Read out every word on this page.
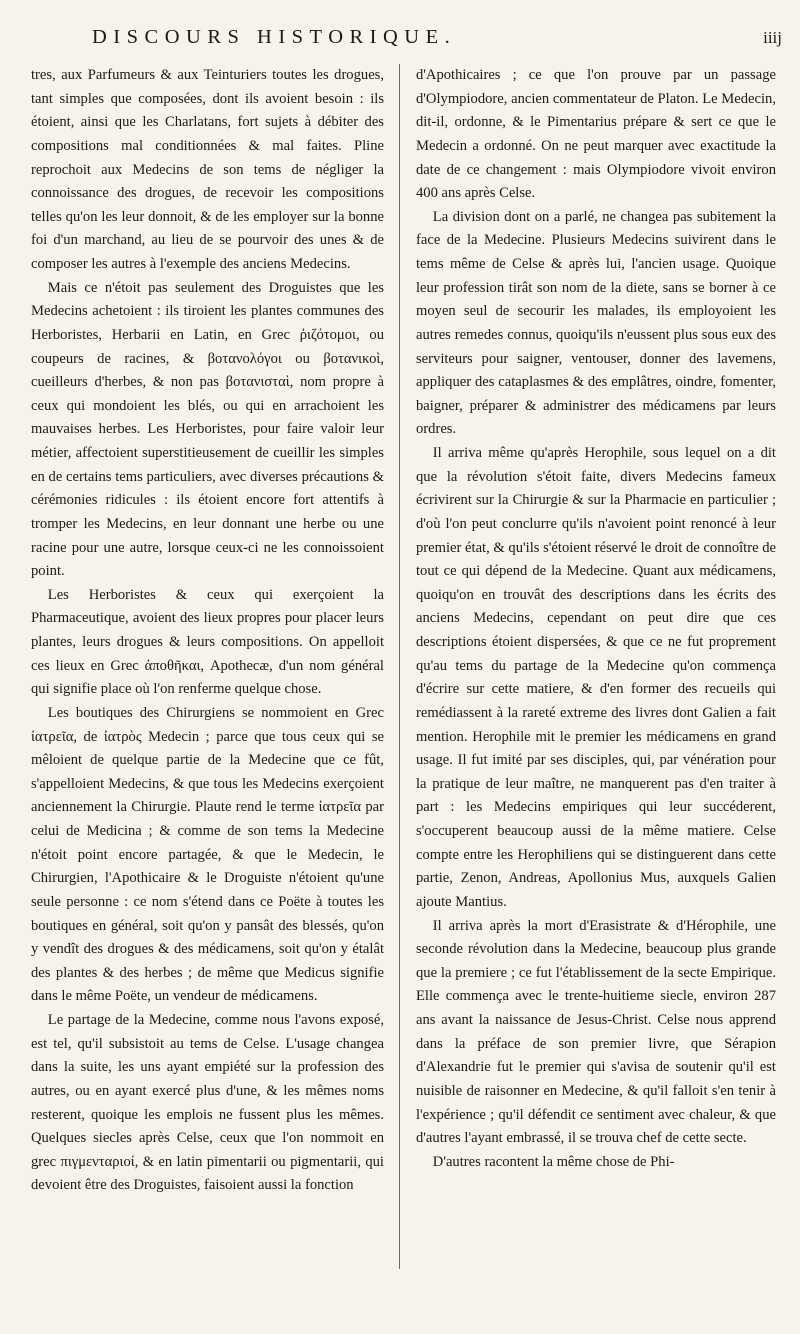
DISCOURS HISTORIQUE.	iiij

tres, aux Parfumeurs & aux Teinturiers toutes les drogues, tant simples que composées, dont ils avoient besoin : ils étoient, ainsi que les Charlatans, fort sujets à débiter des compositions mal conditionnées & mal faites. Pline reprochoit aux Medecins de son tems de négliger la connoissance des drogues, de recevoir les compositions telles qu'on les leur donnoit, & de les employer sur la bonne foi d'un marchand, au lieu de se pourvoir des unes & de composer les autres à l'exemple des anciens Medecins.

Mais ce n'étoit pas seulement des Droguistes que les Medecins achetoient : ils tiroient les plantes communes des Herboristes, Herbarii en Latin, en Grec ῥιζότομοι, ou coupeurs de racines, & βοτανολόγοι ou βοτανικοὶ, cueilleurs d'herbes, & non pas βοτανισταὶ, nom propre à ceux qui mondoient les blés, ou qui en arrachoient les mauvaises herbes. Les Herboristes, pour faire valoir leur métier, affectoient superstitieusement de cueillir les simples en de certains tems particuliers, avec diverses précautions & cérémonies ridicules : ils étoient encore fort attentifs à tromper les Medecins, en leur donnant une herbe ou une racine pour une autre, lorsque ceux-ci ne les connoissoient point.

Les Herboristes & ceux qui exerçoient la Pharmaceutique, avoient des lieux propres pour placer leurs plantes, leurs drogues & leurs compositions. On appelloit ces lieux en Grec ἀποθῆκαι, Apothecæ, d'un nom général qui signifie place où l'on renferme quelque chose.

Les boutiques des Chirurgiens se nommoient en Grec ἰατρεῖα, de ἰατρὸς Medecin ; parce que tous ceux qui se mêloient de quelque partie de la Medecine que ce fût, s'appelloient Medecins, & que tous les Medecins exerçoient anciennement la Chirurgie. Plaute rend le terme ἰατρεῖα par celui de Medicina ; & comme de son tems la Medecine n'étoit point encore partagée, & que le Medecin, le Chirurgien, l'Apothicaire & le Droguiste n'étoient qu'une seule personne : ce nom s'étend dans ce Poëte à toutes les boutiques en général, soit qu'on y pansât des blessés, qu'on y vendît des drogues & des médicamens, soit qu'on y étalât des plantes & des herbes ; de même que Medicus signifie dans le même Poëte, un vendeur de médicamens.

Le partage de la Medecine, comme nous l'avons exposé, est tel, qu'il subsistoit au tems de Celse. L'usage changea dans la suite, les uns ayant empiété sur la profession des autres, ou en ayant exercé plus d'une, & les mêmes noms resterent, quoique les emplois ne fussent plus les mêmes. Quelques siecles après Celse, ceux que l'on nommoit en grec πιγμενταριοί, & en latin pimentarii ou pigmentarii, qui devoient être des Droguistes, faisoient aussi la fonction

d'Apothicaires ; ce que l'on prouve par un passage d'Olympiodore, ancien commentateur de Platon. Le Medecin, dit-il, ordonne, & le Pimentarius prépare & sert ce que le Medecin a ordonné. On ne peut marquer avec exactitude la date de ce changement : mais Olympiodore vivoit environ 400 ans après Celse.

La division dont on a parlé, ne changea pas subitement la face de la Medecine. Plusieurs Medecins suivirent dans le tems même de Celse & après lui, l'ancien usage. Quoique leur profession tirât son nom de la diete, sans se borner à ce moyen seul de secourir les malades, ils employoient les autres remedes connus, quoiqu'ils n'eussent plus sous eux des serviteurs pour saigner, ventouser, donner des lavemens, appliquer des cataplasmes & des emplâtres, oindre, fomenter, baigner, préparer & administrer des médicamens par leurs ordres.

Il arriva même qu'après Herophile, sous lequel on a dit que la révolution s'étoit faite, divers Medecins fameux écrivirent sur la Chirurgie & sur la Pharmacie en particulier ; d'où l'on peut conclurre qu'ils n'avoient point renoncé à leur premier état, & qu'ils s'étoient réservé le droit de connoître de tout ce qui dépend de la Medecine. Quant aux médicamens, quoiqu'on en trouvât des descriptions dans les écrits des anciens Medecins, cependant on peut dire que ces descriptions étoient dispersées, & que ce ne fut proprement qu'au tems du partage de la Medecine qu'on commença d'écrire sur cette matiere, & d'en former des recueils qui remédiassent à la rareté extreme des livres dont Galien a fait mention. Herophile mit le premier les médicamens en grand usage. Il fut imité par ses disciples, qui, par vénération pour la pratique de leur maître, ne manquerent pas d'en traiter à part : les Medecins empiriques qui leur succéderent, s'occuperent beaucoup aussi de la même matiere. Celse compte entre les Herophiliens qui se distinguerent dans cette partie, Zenon, Andreas, Apollonius Mus, auxquels Galien ajoute Mantius.

Il arriva après la mort d'Erasistrate & d'Hérophile, une seconde révolution dans la Medecine, beaucoup plus grande que la premiere ; ce fut l'établissement de la secte Empirique. Elle commença avec le trente-huitieme siecle, environ 287 ans avant la naissance de Jesus-Christ. Celse nous apprend dans la préface de son premier livre, que Sérapion d'Alexandrie fut le premier qui s'avisa de soutenir qu'il est nuisible de raisonner en Medecine, & qu'il falloit s'en tenir à l'expérience ; qu'il défendit ce sentiment avec chaleur, & que d'autres l'ayant embrassé, il se trouva chef de cette secte.

D'autres racontent la même chose de Phi-
